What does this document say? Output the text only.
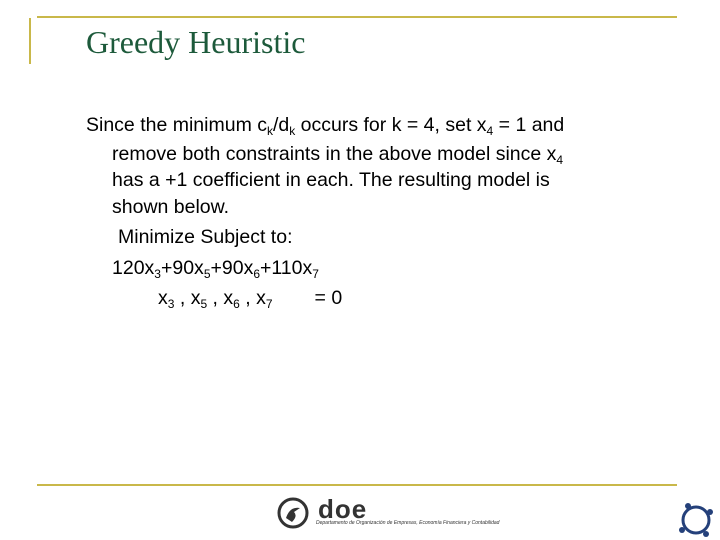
Greedy Heuristic
Since the minimum $c_k/d_k$ occurs for k = 4, set $x_4 = 1$ and
remove both constraints in the above model since $x_4$
has a +1 coefficient in each. The resulting model is
shown below.
Minimize Subject to:
$120x_3+90x_5+90x_6+110x_7$
$x_3$ , $x_5$ , $x_6$ , $x_7 = 0$
doe
Departamento de Organización de Empresas, Economía Financiera y Contabilidad
